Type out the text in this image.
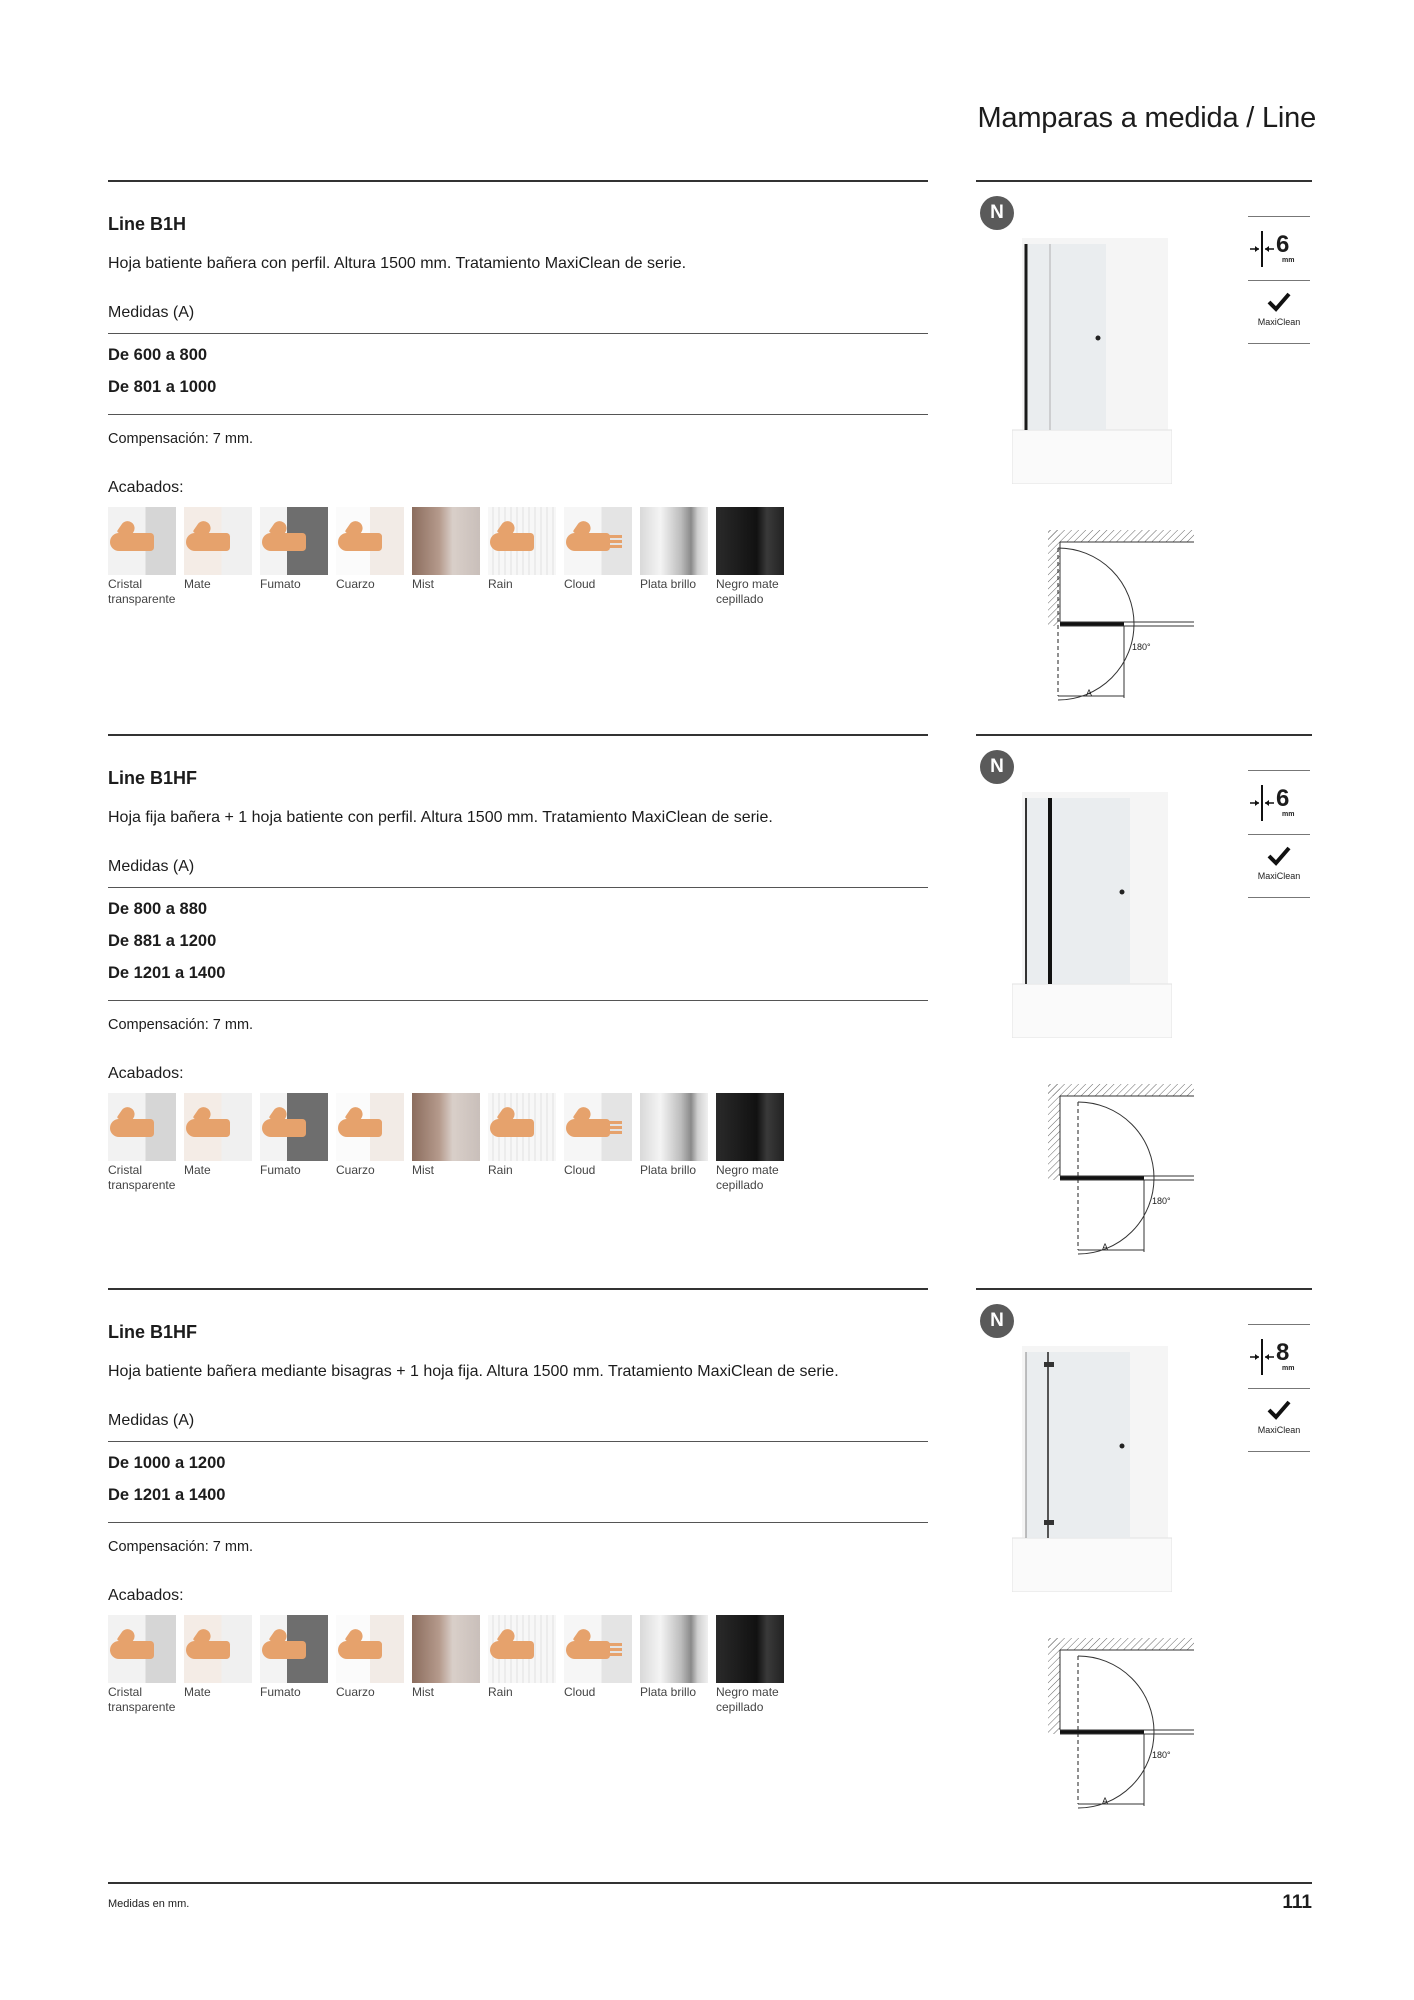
Mamparas a medida / Line
Line B1H
Hoja batiente bañera con perfil. Altura 1500 mm. Tratamiento MaxiClean de serie.
Medidas (A)
De 600 a 800
De 801 a 1000
Compensación: 7 mm.
Acabados:
Cristal transparente
Mate	Fumato	Cuarzo	Mist	Rain	Cloud	Plata brillo	Negro mate cepillado
N
6
mm
MaxiClean
180°
A
Line B1HF
Hoja fija bañera + 1 hoja batiente con perfil. Altura 1500 mm. Tratamiento MaxiClean de serie.
Medidas (A)
De 800 a 880
De 881 a 1200
De 1201 a 1400
Compensación: 7 mm.
Acabados:
Cristal transparente
Mate	Fumato	Cuarzo	Mist	Rain	Cloud	Plata brillo	Negro mate cepillado
N
6
mm
MaxiClean
180°
A
Line B1HF
Hoja batiente bañera mediante bisagras + 1 hoja fija. Altura 1500 mm. Tratamiento MaxiClean de serie.
Medidas (A)
De 1000 a 1200
De 1201 a 1400
Compensación: 7 mm.
Acabados:
Cristal transparente
Mate	Fumato	Cuarzo	Mist	Rain	Cloud	Plata brillo	Negro mate cepillado
N
8
mm
MaxiClean
180°
A
Medidas en mm.	111
